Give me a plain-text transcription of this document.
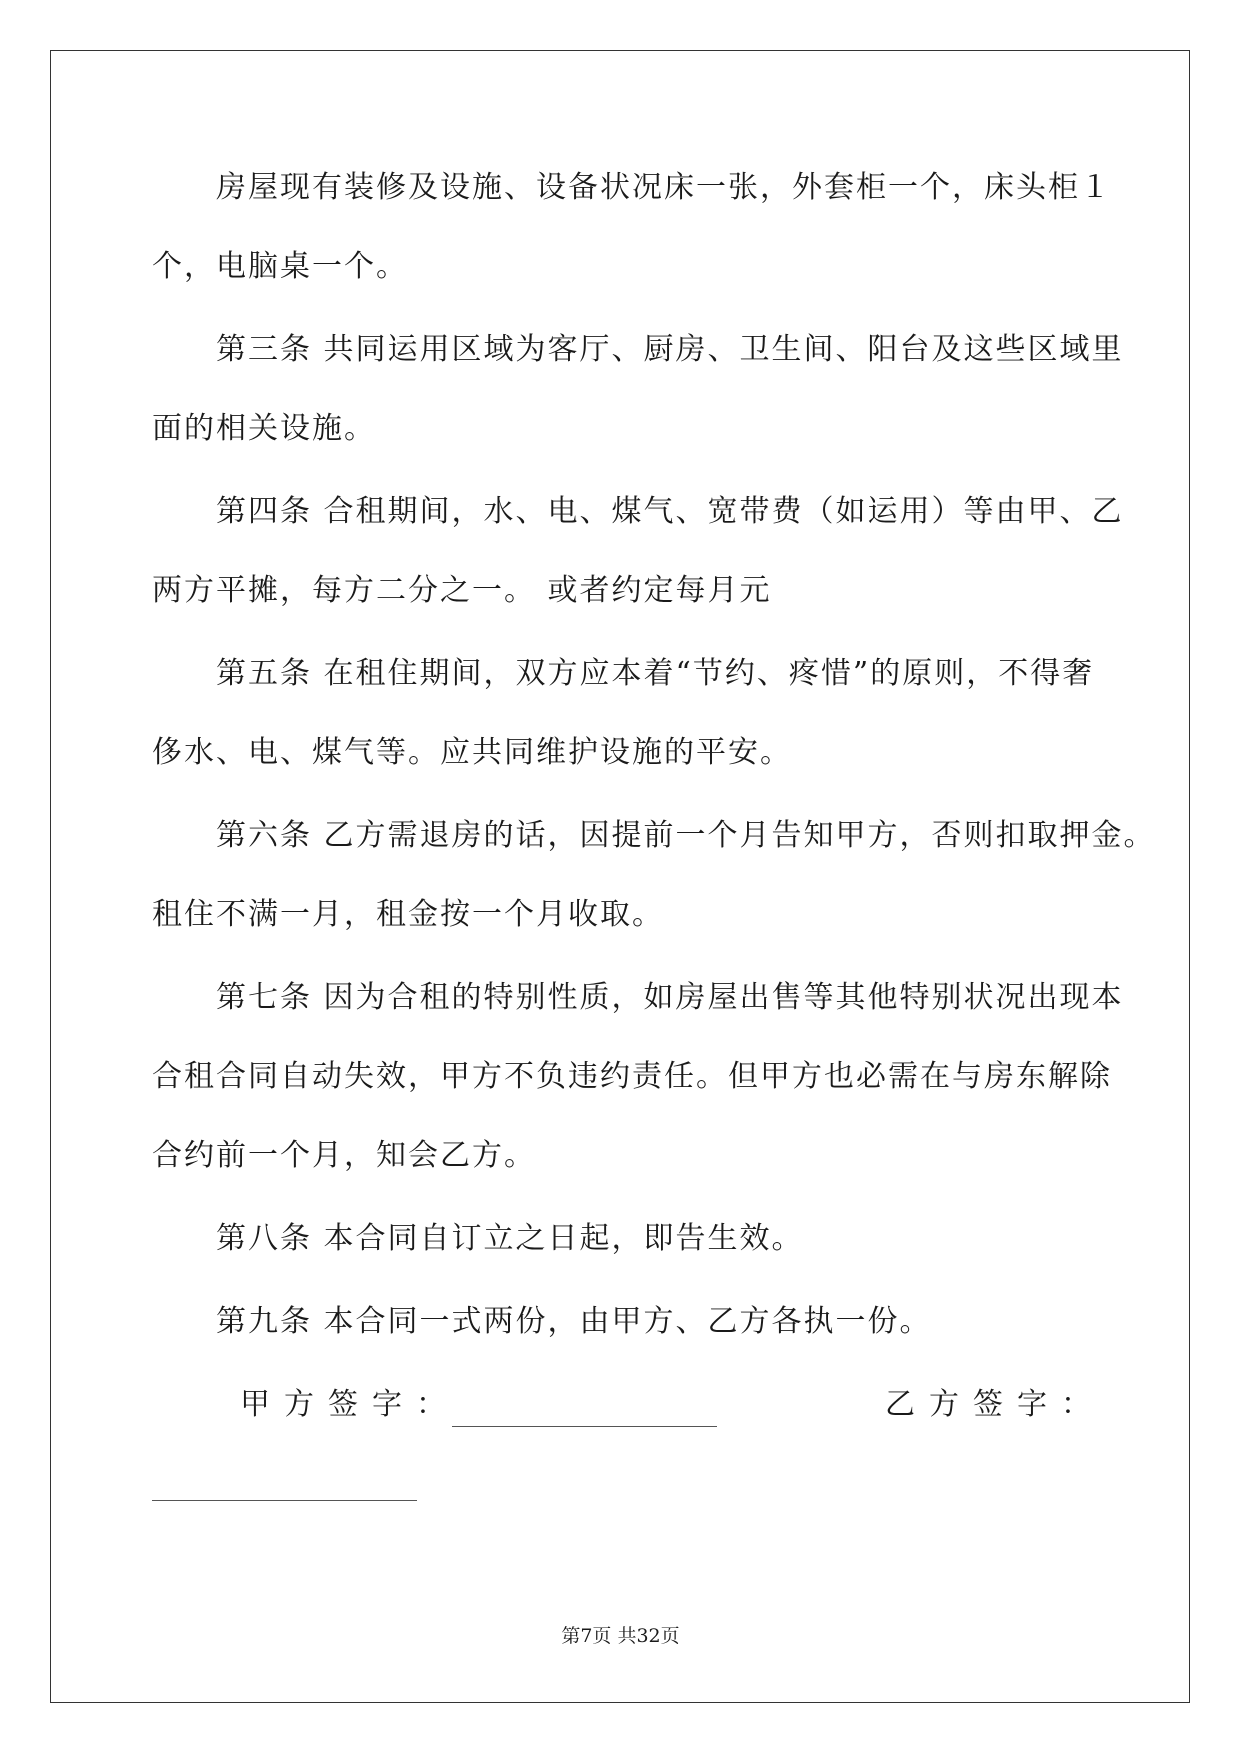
房屋现有装修及设施、设备状况床一张，外套柜一个，床头柜１
个，电脑桌一个。
第三条 共同运用区域为客厅、厨房、卫生间、阳台及这些区域里
面的相关设施。
第四条 合租期间，水、电、煤气、宽带费（如运用）等由甲、乙
两方平摊，每方二分之一。 或者约定每月元
第五条 在租住期间，双方应本着“节约、疼惜”的原则，不得奢
侈水、电、煤气等。应共同维护设施的平安。
第六条 乙方需退房的话，因提前一个月告知甲方，否则扣取押金。
租住不满一月，租金按一个月收取。
第七条 因为合租的特别性质，如房屋出售等其他特别状况出现本
合租合同自动失效，甲方不负违约责任。但甲方也必需在与房东解除
合约前一个月，知会乙方。
第八条 本合同自订立之日起，即告生效。
第九条 本合同一式两份，由甲方、乙方各执一份。
甲方签字：	乙方签字：
第7页 共32页
